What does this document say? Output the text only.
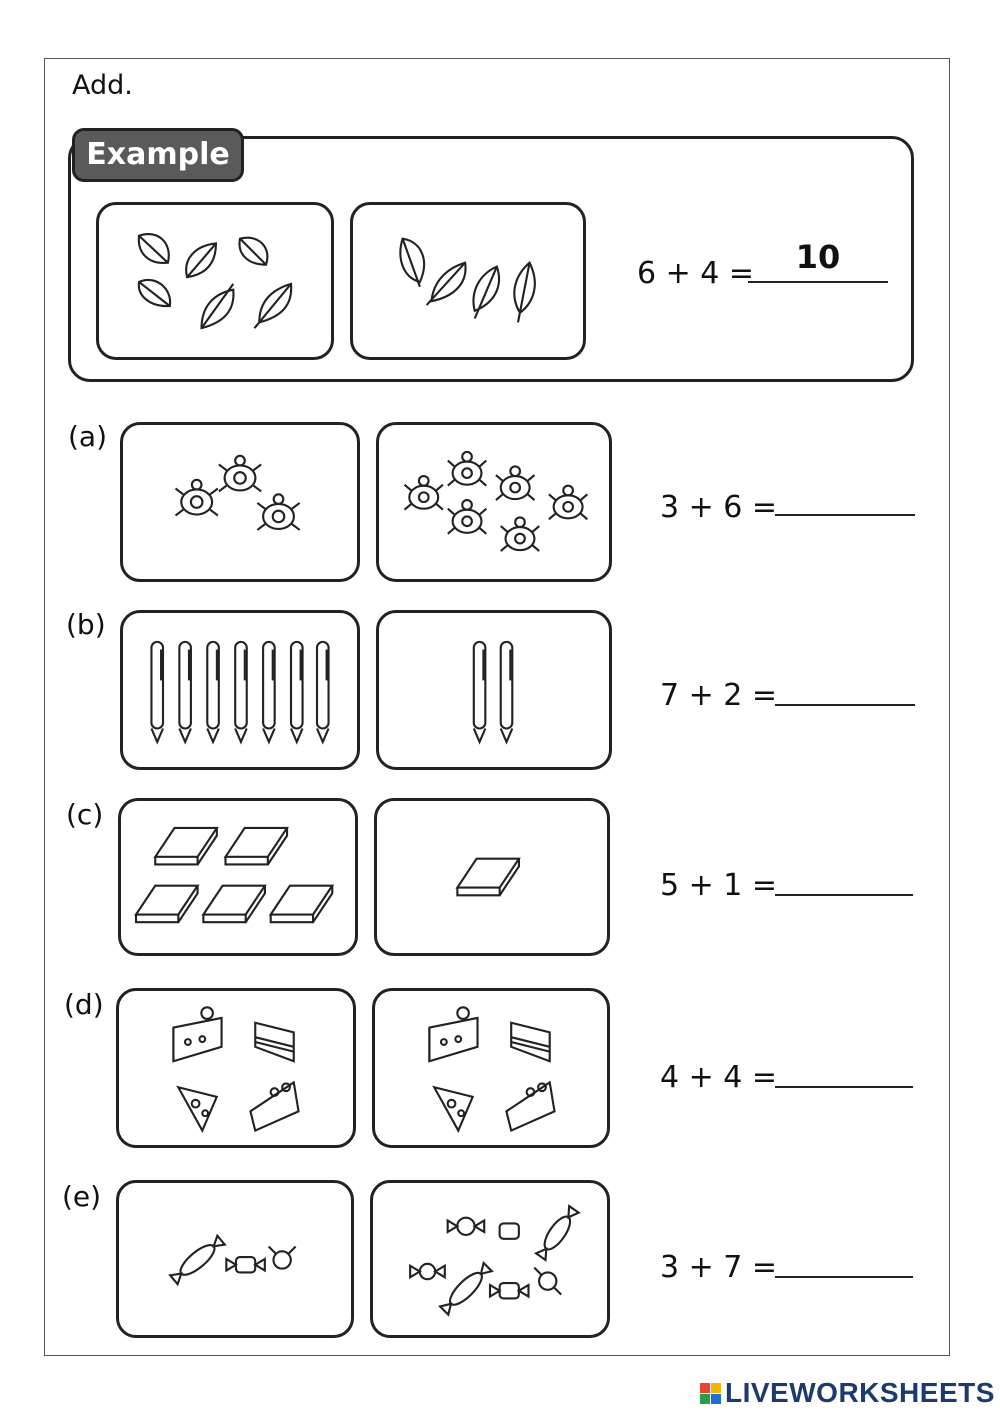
Add.
Example
6 + 4 =	10
(a)
3 + 6 =
(b)
7 + 2 =
(c)
5 + 1 =
(d)
4 + 4 =
(e)
3 + 7 =
LIVEWORKSHEETS
